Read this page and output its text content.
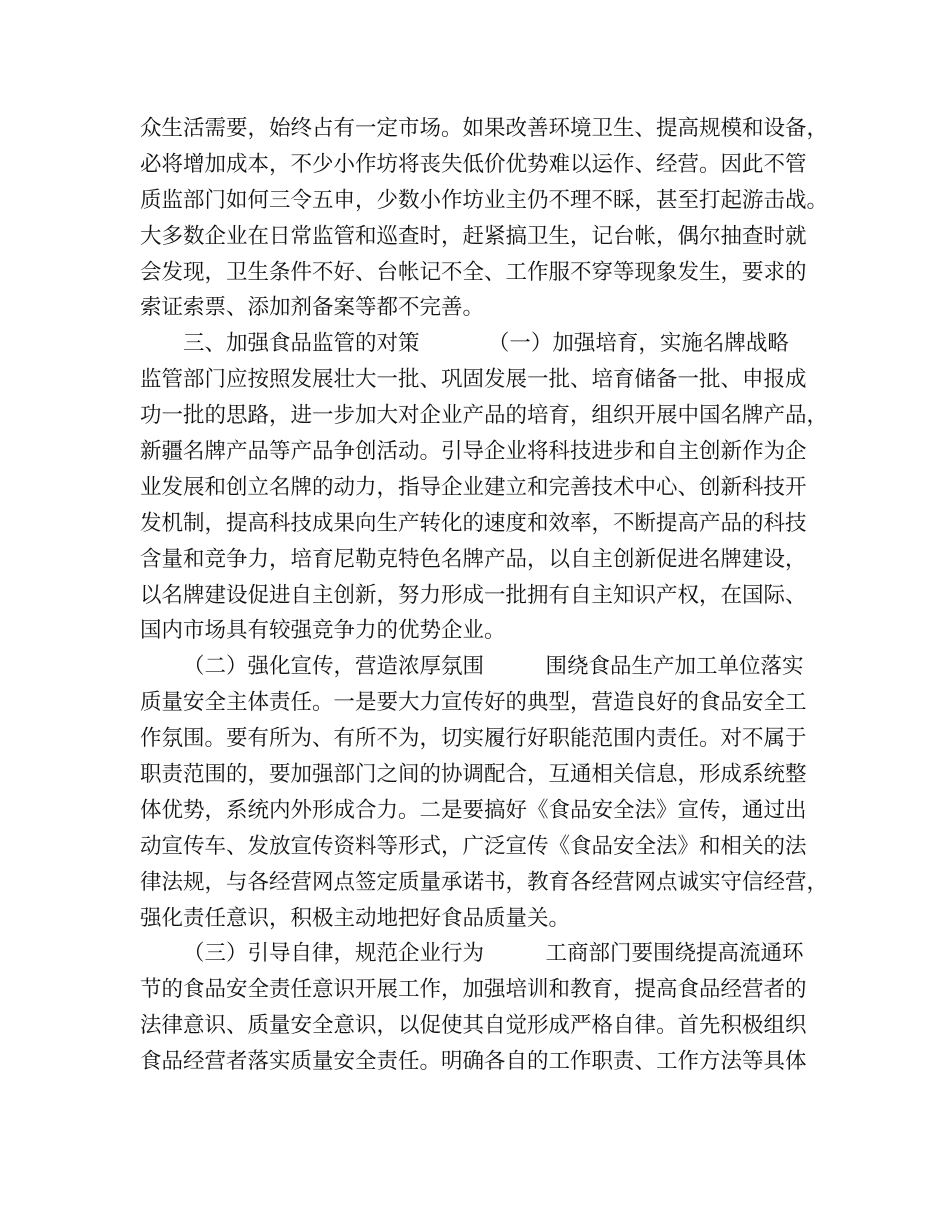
众生活需要，始终占有一定市场。如果改善环境卫生、提高规模和设备，
必将增加成本，不少小作坊将丧失低价优势难以运作、经营。因此不管
质监部门如何三令五申，少数小作坊业主仍不理不睬，甚至打起游击战。
大多数企业在日常监管和巡查时，赶紧搞卫生，记台帐，偶尔抽查时就
会发现，卫生条件不好、台帐记不全、工作服不穿等现象发生，要求的
索证索票、添加剂备案等都不完善。
三、加强食品监管的对策          （一）加强培育，实施名牌战略
监管部门应按照发展壮大一批、巩固发展一批、培育储备一批、申报成
功一批的思路，进一步加大对企业产品的培育，组织开展中国名牌产品，
新疆名牌产品等产品争创活动。引导企业将科技进步和自主创新作为企
业发展和创立名牌的动力，指导企业建立和完善技术中心、创新科技开
发机制，提高科技成果向生产转化的速度和效率，不断提高产品的科技
含量和竞争力，培育尼勒克特色名牌产品，以自主创新促进名牌建设，
以名牌建设促进自主创新，努力形成一批拥有自主知识产权，在国际、
国内市场具有较强竞争力的优势企业。
（二）强化宣传，营造浓厚氛围         围绕食品生产加工单位落实
质量安全主体责任。一是要大力宣传好的典型，营造良好的食品安全工
作氛围。要有所为、有所不为，切实履行好职能范围内责任。对不属于
职责范围的，要加强部门之间的协调配合，互通相关信息，形成系统整
体优势，系统内外形成合力。二是要搞好《食品安全法》宣传，通过出
动宣传车、发放宣传资料等形式，广泛宣传《食品安全法》和相关的法
律法规，与各经营网点签定质量承诺书，教育各经营网点诚实守信经营，
强化责任意识，积极主动地把好食品质量关。
（三）引导自律，规范企业行为         工商部门要围绕提高流通环
节的食品安全责任意识开展工作，加强培训和教育，提高食品经营者的
法律意识、质量安全意识，以促使其自觉形成严格自律。首先积极组织
食品经营者落实质量安全责任。明确各自的工作职责、工作方法等具体
